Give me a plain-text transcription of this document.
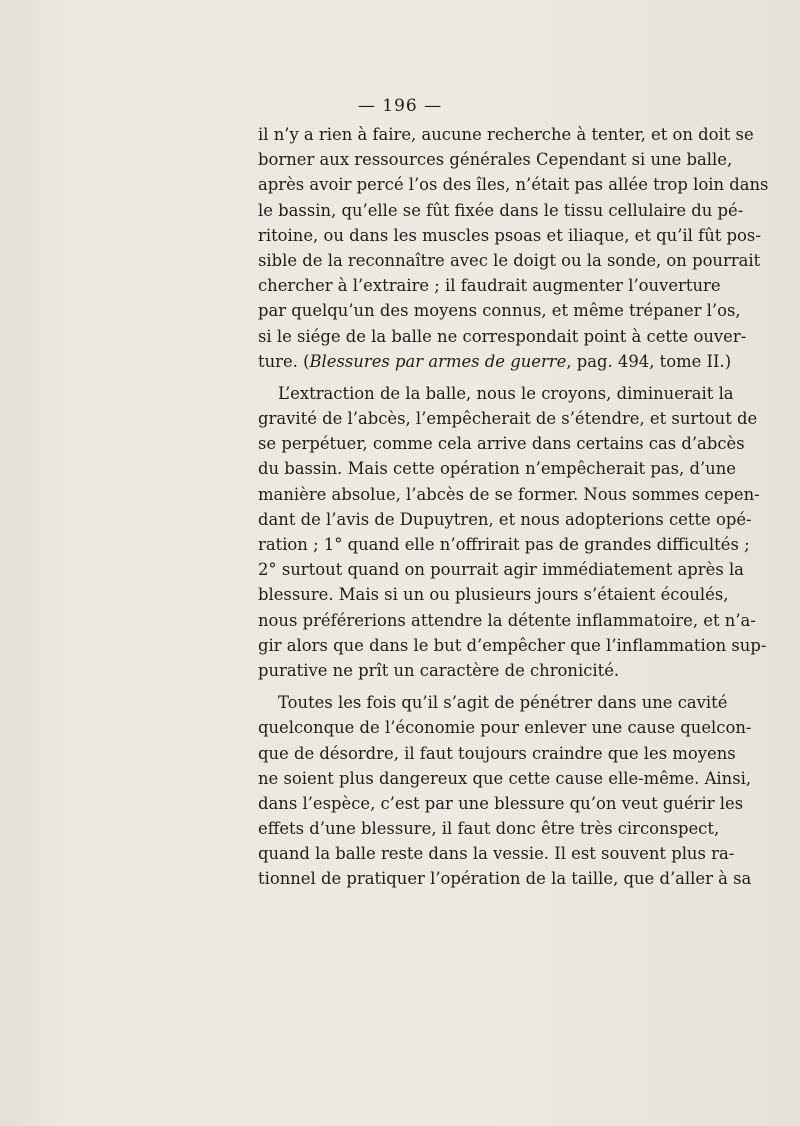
— 196 —
il n’y a rien à faire, aucune recherche à tenter, et on doit se
borner aux ressources générales Cependant si une balle,
après avoir percé l’os des îles, n’était pas allée trop loin dans
le bassin, qu’elle se fût fixée dans le tissu cellulaire du pé-
ritoine, ou dans les muscles psoas et iliaque, et qu’il fût pos-
sible de la reconnaître avec le doigt ou la sonde, on pourrait
chercher à l’extraire ; il faudrait augmenter l’ouverture
par quelqu’un des moyens connus, et même trépaner l’os,
si le siége de la balle ne correspondait point à cette ouver-
ture. (Blessures par armes de guerre, pag. 494, tome II.)
L’extraction de la balle, nous le croyons, diminuerait la
gravité de l’abcès, l’empêcherait de s’étendre, et surtout de
se perpétuer, comme cela arrive dans certains cas d’abcès
du bassin. Mais cette opération n’empêcherait pas, d’une
manière absolue, l’abcès de se former. Nous sommes cepen-
dant de l’avis de Dupuytren, et nous adopterions cette opé-
ration ; 1° quand elle n’offrirait pas de grandes difficultés ;
2° surtout quand on pourrait agir immédiatement après la
blessure. Mais si un ou plusieurs jours s’étaient écoulés,
nous préférerions attendre la détente inflammatoire, et n’a-
gir alors que dans le but d’empêcher que l’inflammation sup-
purative ne prît un caractère de chronicité.
Toutes les fois qu’il s’agit de pénétrer dans une cavité
quelconque de l’économie pour enlever une cause quelcon-
que de désordre, il faut toujours craindre que les moyens
ne soient plus dangereux que cette cause elle-même. Ainsi,
dans l’espèce, c’est par une blessure qu’on veut guérir les
effets d’une blessure, il faut donc être très circonspect,
quand la balle reste dans la vessie. Il est souvent plus ra-
tionnel de pratiquer l’opération de la taille, que d’aller à sa
